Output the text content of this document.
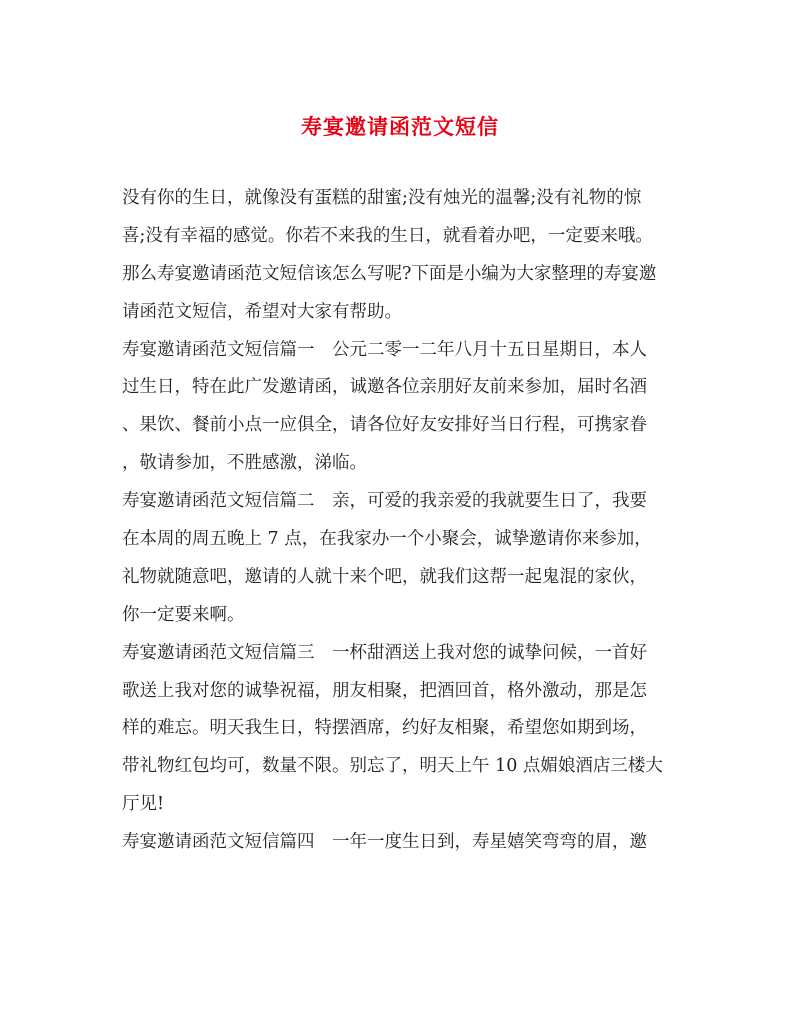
寿宴邀请函范文短信
没有你的生日，就像没有蛋糕的甜蜜;没有烛光的温馨;没有礼物的惊
喜;没有幸福的感觉。你若不来我的生日，就看着办吧，一定要来哦。
那么寿宴邀请函范文短信该怎么写呢?下面是小编为大家整理的寿宴邀
请函范文短信，希望对大家有帮助。
寿宴邀请函范文短信篇一　公元二零一二年八月十五日星期日，本人
过生日，特在此广发邀请函，诚邀各位亲朋好友前来参加，届时名酒
、果饮、餐前小点一应俱全，请各位好友安排好当日行程，可携家眷
，敬请参加，不胜感激，涕临。
寿宴邀请函范文短信篇二　亲，可爱的我亲爱的我就要生日了，我要
在本周的周五晚上 7 点，在我家办一个小聚会，诚挚邀请你来参加，
礼物就随意吧，邀请的人就十来个吧，就我们这帮一起鬼混的家伙，
你一定要来啊。
寿宴邀请函范文短信篇三　一杯甜酒送上我对您的诚挚问候，一首好
歌送上我对您的诚挚祝福，朋友相聚，把酒回首，格外激动，那是怎
样的难忘。明天我生日，特摆酒席，约好友相聚，希望您如期到场，
带礼物红包均可，数量不限。别忘了，明天上午 10 点媚娘酒店三楼大
厅见!
寿宴邀请函范文短信篇四　一年一度生日到，寿星嬉笑弯弯的眉，邀
